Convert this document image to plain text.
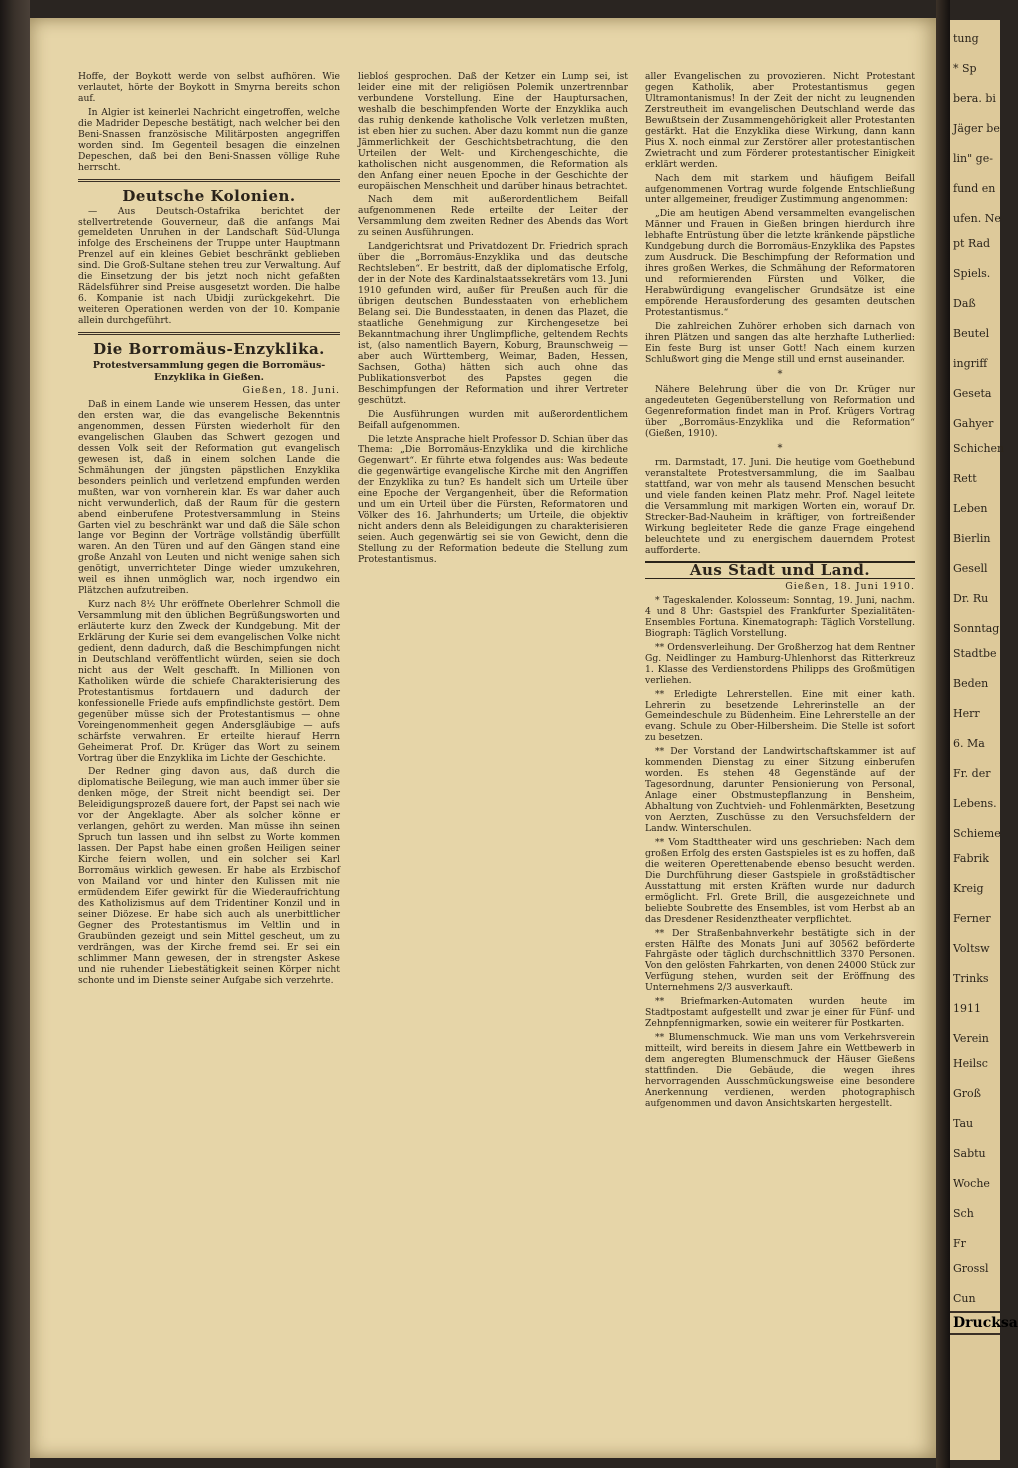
Hoffe, der Boykott werde von selbst aufhören. Wie verlautet, hörte der Boykott in Smyrna bereits schon auf.

In Algier ist keinerlei Nachricht eingetroffen, welche die Madrider Depesche bestätigt, nach welcher bei den Beni-Snassen französische Militärposten angegriffen worden sind. Im Gegenteil besagen die einzelnen Depeschen, daß bei den Beni-Snassen völlige Ruhe herrscht.

Deutsche Kolonien.

— Aus Deutsch-Ostafrika berichtet der stellvertretende Gouverneur, daß die anfangs Mai gemeldeten Unruhen in der Landschaft Süd-Ulunga infolge des Erscheinens der Truppe unter Hauptmann Prenzel auf ein kleines Gebiet beschränkt geblieben sind. Die Groß-Sultane stehen treu zur Verwaltung. Auf die Einsetzung der bis jetzt noch nicht gefaßten Rädelsführer sind Preise ausgesetzt worden. Die halbe 6. Kompanie ist nach Ubidji zurückgekehrt. Die weiteren Operationen werden von der 10. Kompanie allein durchgeführt.

Die Borromäus-Enzyklika.
Protestversammlung gegen die Borromäus-Enzyklika in Gießen.
Gießen, 18. Juni.

Daß in einem Lande wie unserem Hessen, das unter den ersten war, die das evangelische Bekenntnis angenommen, dessen Fürsten wiederholt für den evangelischen Glauben das Schwert gezogen und dessen Volk seit der Reformation gut evangelisch gewesen ist, daß in einem solchen Lande die Schmähungen der jüngsten päpstlichen Enzyklika besonders peinlich und verletzend empfunden werden mußten, war von vornherein klar. Es war daher auch nicht verwunderlich, daß der Raum für die gestern abend einberufene Protestversammlung in Steins Garten viel zu beschränkt war und daß die Säle schon lange vor Beginn der Vorträge vollständig überfüllt waren. An den Türen und auf den Gängen stand eine große Anzahl von Leuten und nicht wenige sahen sich genötigt, unverrichteter Dinge wieder umzukehren, weil es ihnen unmöglich war, noch irgendwo ein Plätzchen aufzutreiben.

Kurz nach 8½ Uhr eröffnete Oberlehrer Schmoll die Versammlung mit den üblichen Begrüßungsworten und erläuterte kurz den Zweck der Kundgebung. Mit der Erklärung der Kurie sei dem evangelischen Volke nicht gedient, denn dadurch, daß die Beschimpfungen nicht in Deutschland veröffentlicht würden, seien sie doch nicht aus der Welt geschafft. In Millionen von Katholiken würde die schiefe Charakterisierung des Protestantismus fortdauern und dadurch der konfessionelle Friede aufs empfindlichste gestört. Dem gegenüber müsse sich der Protestantismus — ohne Voreingenommenheit gegen Andersgläubige — aufs schärfste verwahren. Er erteilte hierauf Herrn Geheimerat Prof. Dr. Krüger das Wort zu seinem Vortrag über die Enzyklika im Lichte der Geschichte.

Der Redner ging davon aus, daß durch die diplomatische Beilegung, wie man auch immer über sie denken möge, der Streit nicht beendigt sei. Der Beleidigungsprozeß dauere fort, der Papst sei nach wie vor der Angeklagte. Aber als solcher könne er verlangen, gehört zu werden. Man müsse ihn seinen Spruch tun lassen und ihn selbst zu Worte kommen lassen. Der Papst habe einen großen Heiligen seiner Kirche feiern wollen, und ein solcher sei Karl Borromäus wirklich gewesen. Er habe als Erzbischof von Mailand vor und hinter den Kulissen mit nie ermüdendem Eifer gewirkt für die Wiederaufrichtung des Katholizismus auf dem Tridentiner Konzil und in seiner Diözese. Er habe sich auch als unerbittlicher Gegner des Protestantismus im Veltlin und in Graubünden gezeigt und sein Mittel gescheut, um zu verdrängen, was der Kirche fremd sei. Er sei ein schlimmer Mann gewesen, der in strengster Askese und nie ruhender Liebestätigkeit seinen Körper nicht schonte und im Dienste seiner Aufgabe sich verzehrte.

liebloś gesprochen. Daß der Ketzer ein Lump sei, ist leider eine mit der religiösen Polemik unzertrennbar verbundene Vorstellung. Eine der Hauptursachen, weshalb die beschimpfenden Worte der Enzyklika auch das ruhig denkende katholische Volk verletzen mußten, ist eben hier zu suchen. Aber dazu kommt nun die ganze Jämmerlichkeit der Geschichtsbetrachtung, die den Urteilen der Welt- und Kirchengeschichte, die katholischen nicht ausgenommen, die Reformation als den Anfang einer neuen Epoche in der Geschichte der europäischen Menschheit und darüber hinaus betrachtet.

Nach dem mit außerordentlichem Beifall aufgenommenen Rede erteilte der Leiter der Versammlung dem zweiten Redner des Abends das Wort zu seinen Ausführungen.

Landgerichtsrat und Privatdozent Dr. Friedrich sprach über die „Borromäus-Enzyklika und das deutsche Rechtsleben“. Er bestritt, daß der diplomatische Erfolg, der in der Note des Kardinalstaatssekretärs vom 13. Juni 1910 gefunden wird, außer für Preußen auch für die übrigen deutschen Bundesstaaten von erheblichem Belang sei. Die Bundesstaaten, in denen das Plazet, die staatliche Genehmigung zur Kirchengesetze bei Bekanntmachung ihrer Unglimpfliche, geltendem Rechts ist, (also namentlich Bayern, Koburg, Braunschweig — aber auch Württemberg, Weimar, Baden, Hessen, Sachsen, Gotha) hätten sich auch ohne das Publikationsverbot des Papstes gegen die Beschimpfungen der Reformation und ihrer Vertreter geschützt.

Die Ausführungen wurden mit außerordentlichem Beifall aufgenommen.

Die letzte Ansprache hielt Professor D. Schian über das Thema: „Die Borromäus-Enzyklika und die kirchliche Gegenwart“. Er führte etwa folgendes aus: Was bedeute die gegenwärtige evangelische Kirche mit den Angriffen der Enzyklika zu tun? Es handelt sich um Urteile über eine Epoche der Vergangenheit, über die Reformation und um ein Urteil über die Fürsten, Reformatoren und Völker des 16. Jahrhunderts; um Urteile, die objektiv nicht anders denn als Beleidigungen zu charakterisieren seien. Auch gegenwärtig sei sie von Gewicht, denn die Stellung zu der Reformation bedeute die Stellung zum Protestantismus.

aller Evangelischen zu provozieren. Nicht Protestant gegen Katholik, aber Protestantismus gegen Ultramontanismus! In der Zeit der nicht zu leugnenden Zerstreutheit im evangelischen Deutschland werde das Bewußtsein der Zusammengehörigkeit aller Protestanten gestärkt. Hat die Enzyklika diese Wirkung, dann kann Pius X. noch einmal zur Zerstörer aller protestantischen Zwietracht und zum Förderer protestantischer Einigkeit erklärt werden.

Nach dem mit starkem und häufigem Beifall aufgenommenen Vortrag wurde folgende Entschließung unter allgemeiner, freudiger Zustimmung angenommen:

„Die am heutigen Abend versammelten evangelischen Männer und Frauen in Gießen bringen hierdurch ihre lebhafte Entrüstung über die letzte kränkende päpstliche Kundgebung durch die Borromäus-Enzyklika des Papstes zum Ausdruck. Die Beschimpfung der Reformation und ihres großen Werkes, die Schmähung der Reformatoren und reformierenden Fürsten und Völker, die Herabwürdigung evangelischer Grundsätze ist eine empörende Herausforderung des gesamten deutschen Protestantismus.“

Die zahlreichen Zuhörer erhoben sich darnach von ihren Plätzen und sangen das alte herzhafte Lutherlied: Ein feste Burg ist unser Gott! Nach einem kurzen Schlußwort ging die Menge still und ernst auseinander.

*

Nähere Belehrung über die von Dr. Krüger nur angedeuteten Gegenüberstellung von Reformation und Gegenreformation findet man in Prof. Krügers Vortrag über „Borromäus-Enzyklika und die Reformation“ (Gießen, 1910).

*

rm. Darmstadt, 17. Juni. Die heutige vom Goethebund veranstaltete Protestversammlung, die im Saalbau stattfand, war von mehr als tausend Menschen besucht und viele fanden keinen Platz mehr. Prof. Nagel leitete die Versammlung mit markigen Worten ein, worauf Dr. Strecker-Bad-Nauheim in kräftiger, von fortreißender Wirkung begleiteter Rede die ganze Frage eingehend beleuchtete und zu energischem dauerndem Protest aufforderte.

Aus Stadt und Land.
Gießen, 18. Juni 1910.

* Tageskalender. Kolosseum: Sonntag, 19. Juni, nachm. 4 und 8 Uhr: Gastspiel des Frankfurter Spezialitäten-Ensembles Fortuna. Kinematograph: Täglich Vorstellung. Biograph: Täglich Vorstellung.

** Ordensverleihung. Der Großherzog hat dem Rentner Gg. Neidlinger zu Hamburg-Uhlenhorst das Ritterkreuz 1. Klasse des Verdienstordens Philipps des Großmütigen verliehen.

** Erledigte Lehrerstellen. Eine mit einer kath. Lehrerin zu besetzende Lehrerinstelle an der Gemeindeschule zu Büdenheim. Eine Lehrerstelle an der evang. Schule zu Ober-Hilbersheim. Die Stelle ist sofort zu besetzen.

** Der Vorstand der Landwirtschaftskammer ist auf kommenden Dienstag zu einer Sitzung einberufen worden. Es stehen 48 Gegenstände auf der Tagesordnung, darunter Pensionierung von Personal, Anlage einer Obstmustepflanzung in Bensheim, Abhaltung von Zuchtvieh- und Fohlenmärkten, Besetzung von Aerzten, Zuschüsse zu den Versuchsfeldern der Landw. Winterschulen.

** Vom Stadttheater wird uns geschrieben: Nach dem großen Erfolg des ersten Gastspieles ist es zu hoffen, daß die weiteren Operettenabende ebenso besucht werden. Die Durchführung dieser Gastspiele in großstädtischer Ausstattung mit ersten Kräften wurde nur dadurch ermöglicht. Frl. Grete Brill, die ausgezeichnete und beliebte Soubrette des Ensembles, ist vom Herbst ab an das Dresdener Residenztheater verpflichtet.

** Der Straßenbahnverkehr bestätigte sich in der ersten Hälfte des Monats Juni auf 30562 beförderte Fahrgäste oder täglich durchschnittlich 3370 Personen. Von den gelösten Fahrkarten, von denen 24000 Stück zur Verfügung stehen, wurden seit der Eröffnung des Unternehmens 2/3 ausverkauft.

** Briefmarken-Automaten wurden heute im Stadtpostamt aufgestellt und zwar je einer für Fünf- und Zehnpfennigmarken, sowie ein weiterer für Postkarten.

** Blumenschmuck. Wie man uns vom Verkehrsverein mitteilt, wird bereits in diesem Jahre ein Wettbewerb in dem angeregten Blumenschmuck der Häuser Gießens stattfinden. Die Gebäude, die wegen ihres hervorragenden Ausschmückungsweise eine besondere Anerkennung verdienen, werden photographisch aufgenommen und davon Ansichtskarten hergestellt.

tung
* Sp
bera. bi
Jäger be
lin" ge-
fund en
ufen. Ne
pt Rad
Spiels.
Daß
Beutel
ingriff
Geseta
Gahyer
Schichen
Rett
Leben
Bierlin
Gesell
Dr. Ru
Sonntag
Stadtbe
Beden
Herr
6. Ma
Fr. der
Lebens.
Schieme
Fabrik
Kreig
Ferner
Voltsw
Trinks
1911
Verein
Heilsc
Groß
Tau
Sabtu
Woche
Sch
Fr
Grossl
Cun
Drucksa
